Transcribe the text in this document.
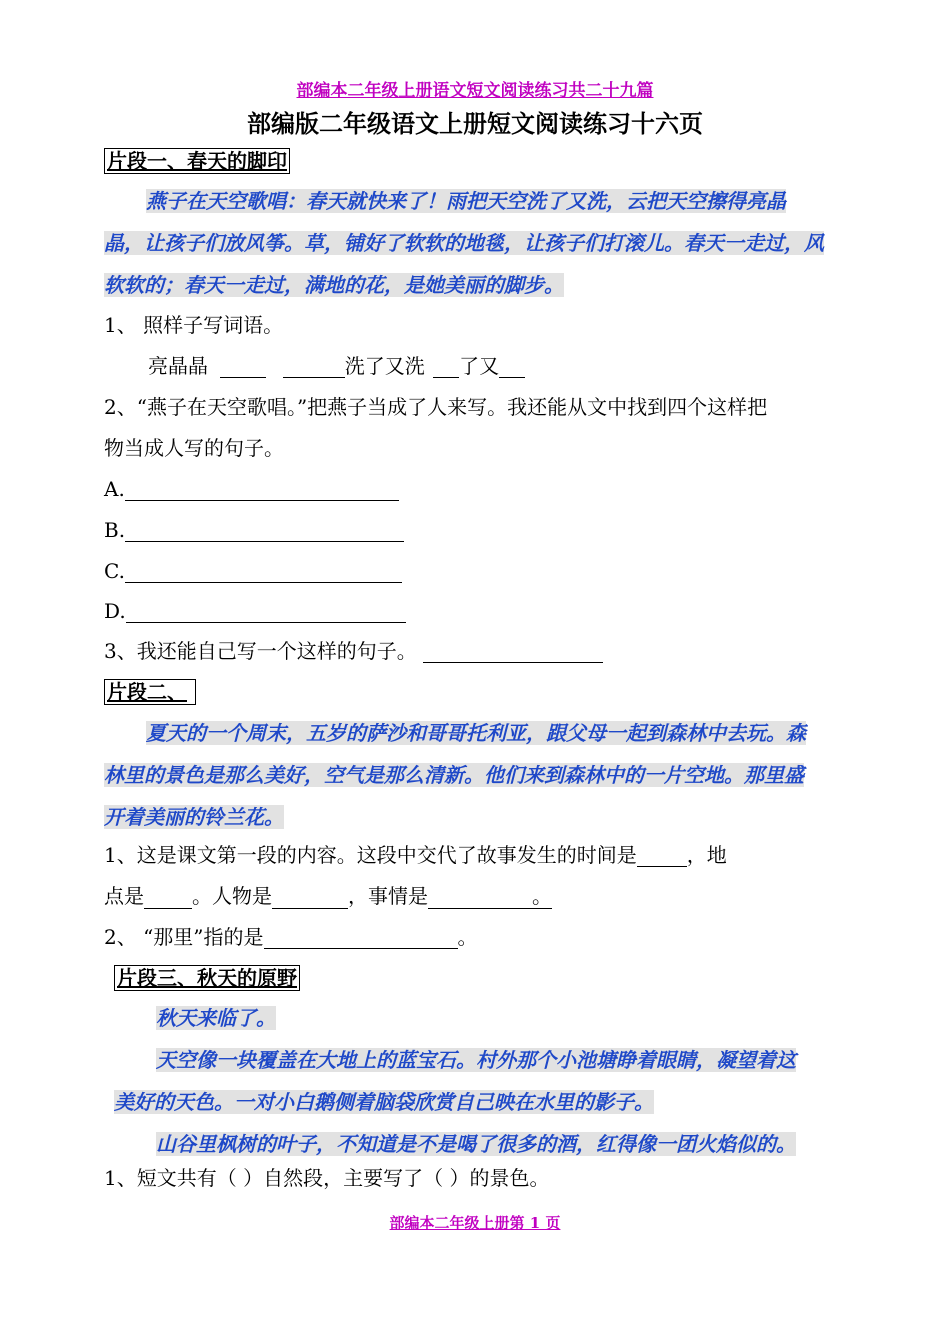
部编本二年级上册语文短文阅读练习共二十九篇
部编版二年级语文上册短文阅读练习十六页
片段一、春天的脚印
燕子在天空歌唱：春天就快来了！雨把天空洗了又洗，云把天空擦得亮晶
晶，让孩子们放风筝。草，铺好了软软的地毯，让孩子们打滚儿。春天一走过，风
软软的；春天一走过，满地的花，是她美丽的脚步。
1、 照样子写词语。
亮晶晶	洗了又洗 了又
2、“燕子在天空歌唱。”把燕子当成了人来写。我还能从文中找到四个这样把
物当成人写的句子。
A.
B.
C.
D.
3、我还能自己写一个这样的句子。
片段二、
夏天的一个周末，五岁的萨沙和哥哥托利亚，跟父母一起到森林中去玩。森
林里的景色是那么美好，空气是那么清新。他们来到森林中的一片空地。那里盛
开着美丽的铃兰花。
1、这是课文第一段的内容。这段中交代了故事发生的时间是	，地
点是 。人物是	，事情是	。
2、 “那里”指的是	。
片段三、秋天的原野
秋天来临了。
天空像一块覆盖在大地上的蓝宝石。村外那个小池塘睁着眼睛，凝望着这
美好的天色。一对小白鹅侧着脑袋欣赏自己映在水里的影子。
山谷里枫树的叶子，不知道是不是喝了很多的酒，红得像一团火焰似的。
1、短文共有（ ）自然段，主要写了（ ）的景色。
部编本二年级上册第 1 页
